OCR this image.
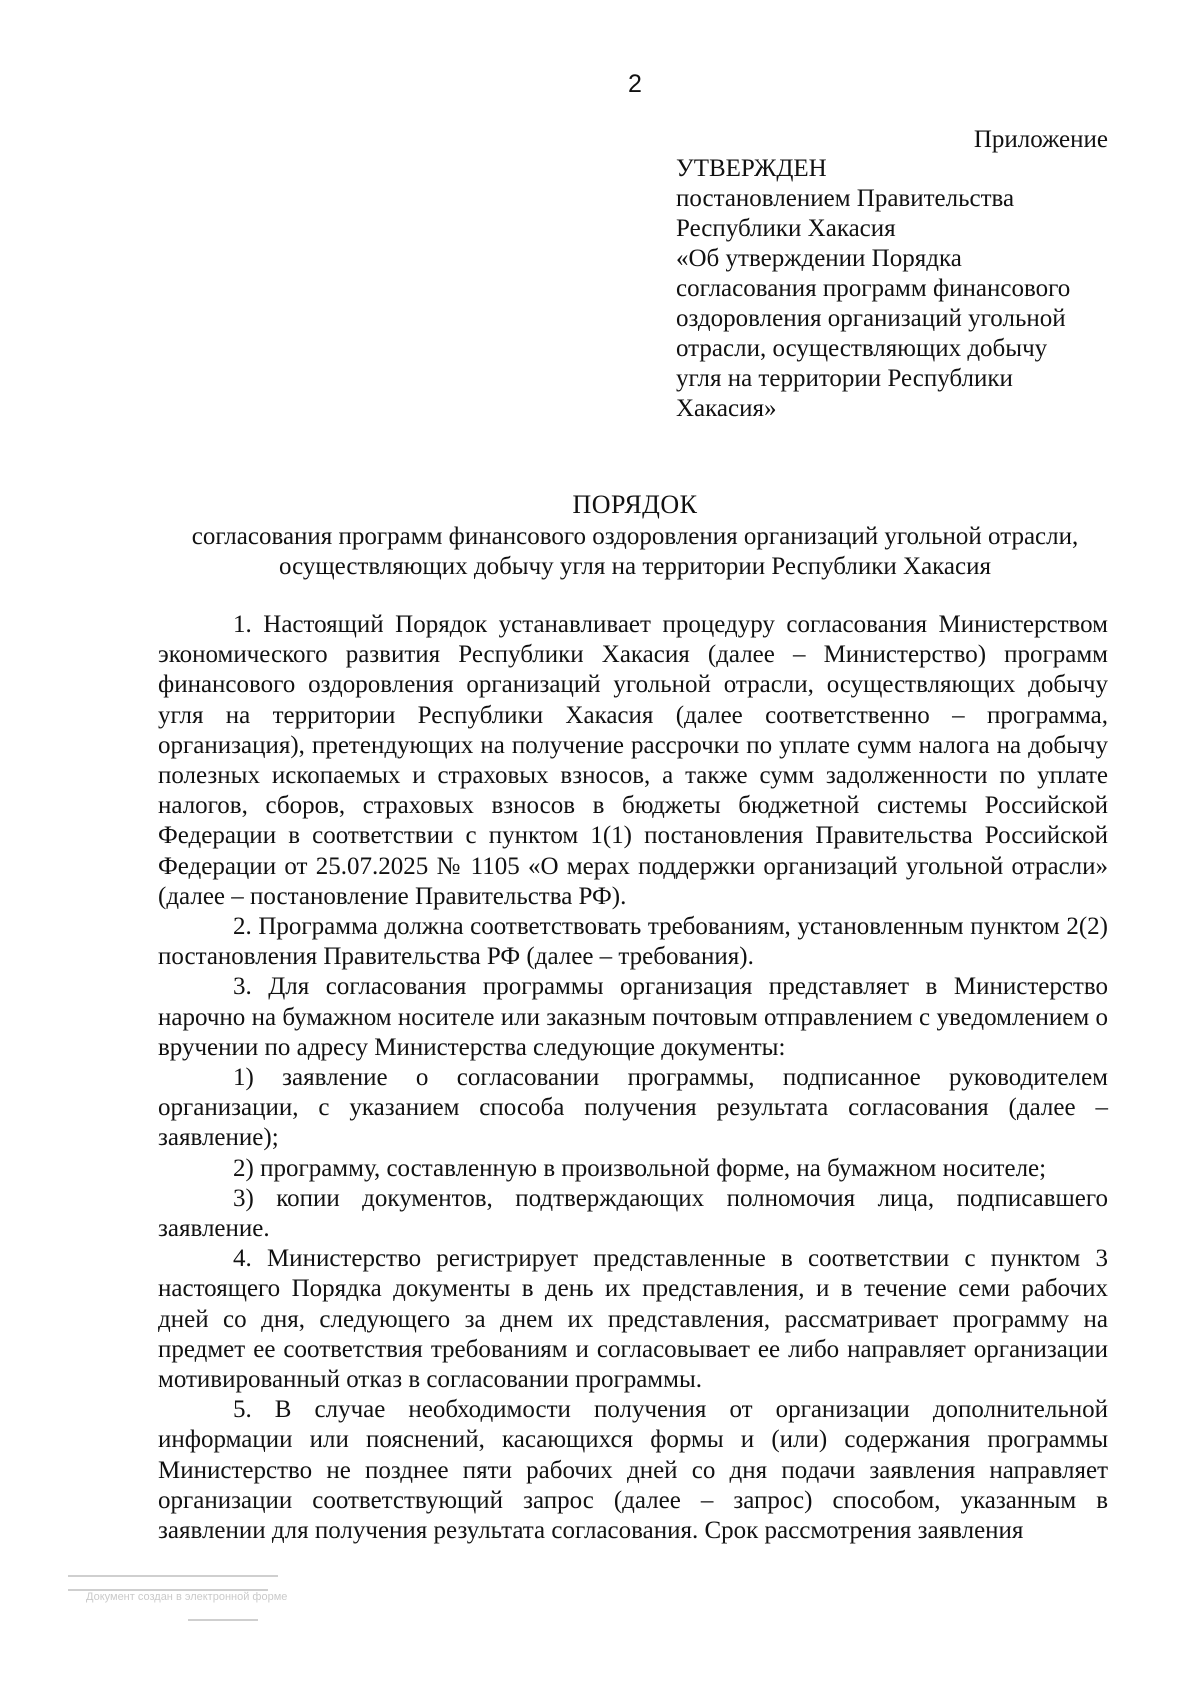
2
Приложение
УТВЕРЖДЕН
постановлением Правительства
Республики Хакасия
«Об утверждении Порядка
согласования программ финансового
оздоровления организаций угольной
отрасли, осуществляющих добычу
угля на территории Республики
Хакасия»
ПОРЯДОК
согласования программ финансового оздоровления организаций угольной отрасли,
осуществляющих добычу угля на территории Республики Хакасия

1. Настоящий Порядок устанавливает процедуру согласования Министерством экономического развития Республики Хакасия (далее – Министерство) программ финансового оздоровления организаций угольной отрасли, осуществляющих добычу угля на территории Республики Хакасия (далее соответственно – программа, организация), претендующих на получение рассрочки по уплате сумм налога на добычу полезных ископаемых и страховых взносов, а также сумм задолженности по уплате налогов, сборов, страховых взносов в бюджеты бюджетной системы Российской Федерации в соответствии с пунктом 1(1) постановления Правительства Российской Федерации от 25.07.2025 № 1105 «О мерах поддержки организаций угольной отрасли» (далее – постановление Правительства РФ).

2. Программа должна соответствовать требованиям, установленным пунктом 2(2) постановления Правительства РФ (далее – требования).

3. Для согласования программы организация представляет в Министерство нарочно на бумажном носителе или заказным почтовым отправлением с уведомлением о вручении по адресу Министерства следующие документы:

1) заявление о согласовании программы, подписанное руководителем организации, с указанием способа получения результата согласования (далее – заявление);

2) программу, составленную в произвольной форме, на бумажном носителе;

3) копии документов, подтверждающих полномочия лица, подписавшего заявление.

4. Министерство регистрирует представленные в соответствии с пунктом 3 настоящего Порядка документы в день их представления, и в течение семи рабочих дней со дня, следующего за днем их представления, рассматривает программу на предмет ее соответствия требованиям и согласовывает ее либо направляет организации мотивированный отказ в согласовании программы.

5. В случае необходимости получения от организации дополнительной информации или пояснений, касающихся формы и (или) содержания программы Министерство не позднее пяти рабочих дней со дня подачи заявления направляет организации соответствующий запрос (далее – запрос) способом, указанным в заявлении для получения результата согласования. Срок рассмотрения заявления

Документ создан в электронной форме
